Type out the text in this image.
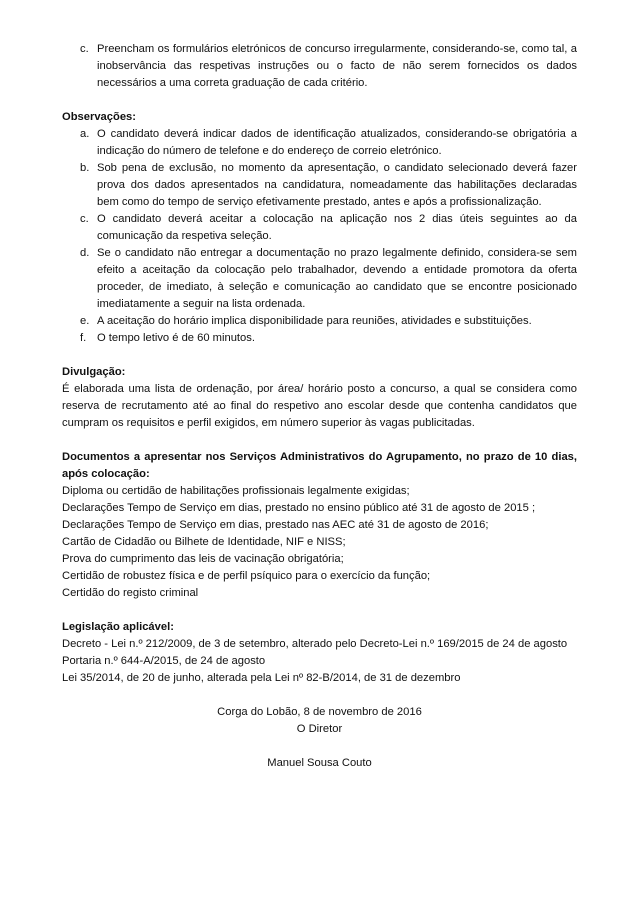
c. Preencham os formulários eletrónicos de concurso irregularmente, considerando-se, como tal, a inobservância das respetivas instruções ou o facto de não serem fornecidos os dados necessários a uma correta graduação de cada critério.
Observações:
a. O candidato deverá indicar dados de identificação atualizados, considerando-se obrigatória a indicação do número de telefone e do endereço de correio eletrónico.
b. Sob pena de exclusão, no momento da apresentação, o candidato selecionado deverá fazer prova dos dados apresentados na candidatura, nomeadamente das habilitações declaradas bem como do tempo de serviço efetivamente prestado, antes e após a profissionalização.
c. O candidato deverá aceitar a colocação na aplicação nos 2 dias úteis seguintes ao da comunicação da respetiva seleção.
d. Se o candidato não entregar a documentação no prazo legalmente definido, considera-se sem efeito a aceitação da colocação pelo trabalhador, devendo a entidade promotora da oferta proceder, de imediato, à seleção e comunicação ao candidato que se encontre posicionado imediatamente a seguir na lista ordenada.
e. A aceitação do horário implica disponibilidade para reuniões, atividades e substituições.
f. O tempo letivo é de 60 minutos.
Divulgação:
É elaborada uma lista de ordenação, por área/ horário posto a concurso, a qual se considera como reserva de recrutamento até ao final do respetivo ano escolar desde que contenha candidatos que cumpram os requisitos e perfil exigidos, em número superior às vagas publicitadas.
Documentos a apresentar nos Serviços Administrativos do Agrupamento, no prazo de 10 dias, após colocação:
Diploma ou certidão de habilitações profissionais legalmente exigidas;
Declarações Tempo de Serviço em dias, prestado no ensino público até 31 de agosto de 2015 ;
Declarações Tempo de Serviço em dias, prestado nas AEC até 31 de agosto de 2016;
Cartão de Cidadão ou Bilhete de Identidade, NIF e NISS;
Prova do cumprimento das leis de vacinação obrigatória;
Certidão de robustez física e de perfil psíquico para o exercício da função;
Certidão do registo criminal
Legislação aplicável:
Decreto - Lei n.º 212/2009, de 3 de setembro, alterado pelo Decreto-Lei n.º 169/2015 de 24 de agosto
Portaria n.º 644-A/2015, de 24 de agosto
Lei 35/2014, de 20 de junho, alterada pela Lei nº 82-B/2014, de 31 de dezembro
Corga do Lobão, 8 de novembro de 2016
O Diretor
Manuel Sousa Couto
